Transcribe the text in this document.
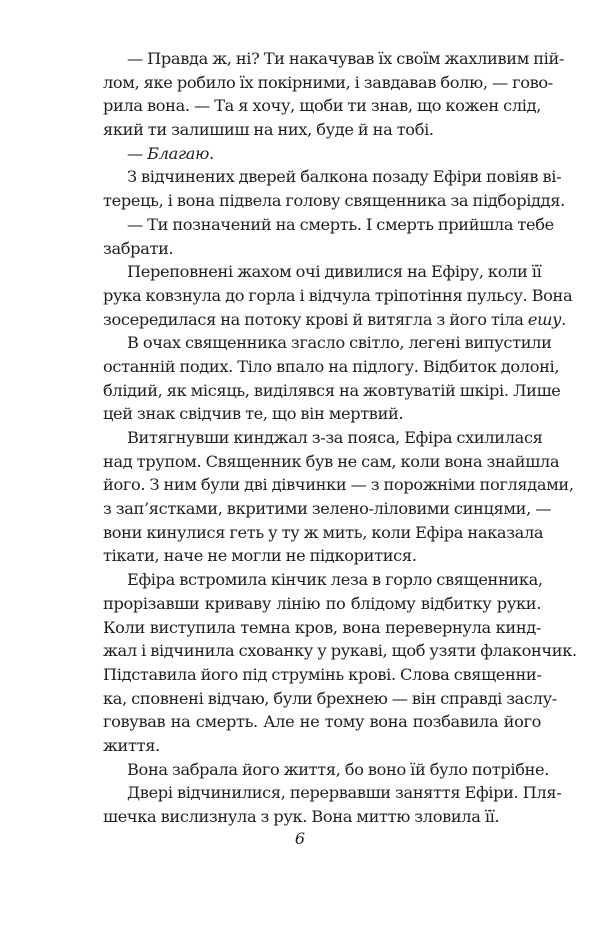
— Правда ж, ні? Ти накачував їх своїм жахливим пій-
лом, яке робило їх покірними, і завдавав болю, — гово-
рила вона. — Та я хочу, щоби ти знав, що кожен слід,
який ти залишиш на них, буде й на тобі.
— Благаю.
З відчинених дверей балкона позаду Ефіри повіяв ві-
терець, і вона підвела голову священника за підборіддя.
— Ти позначений на смерть. І смерть прийшла тебе
забрати.
Переповнені жахом очі дивилися на Ефіру, коли її
рука ковзнула до горла і відчула тріпотіння пульсу. Вона
зосередилася на потоку крові й витягла з його тіла ешу.
В очах священника згасло світло, легені випустили
останній подих. Тіло впало на підлогу. Відбиток долоні,
блідий, як місяць, виділявся на жовтуватій шкірі. Лише
цей знак свідчив те, що він мертвий.
Витягнувши кинджал з-за пояса, Ефіра схилилася
над трупом. Священник був не сам, коли вона знайшла
його. З ним були дві дівчинки — з порожніми поглядами,
з зап’ястками, вкритими зелено-ліловими синцями, —
вони кинулися геть у ту ж мить, коли Ефіра наказала
тікати, наче не могли не підкоритися.
Ефіра встромила кінчик леза в горло священника,
прорізавши криваву лінію по блідому відбитку руки.
Коли виступила темна кров, вона перевернула кинд-
жал і відчинила схованку у рукаві, щоб узяти флакончик.
Підставила його під струмінь крові. Слова священни-
ка, сповнені відчаю, були брехнею — він справді заслу-
говував на смерть. Але не тому вона позбавила його
життя.
Вона забрала його життя, бо воно їй було потрібне.
Двері відчинилися, перервавши заняття Ефіри. Пля-
шечка вислизнула з рук. Вона миттю зловила її.
6
